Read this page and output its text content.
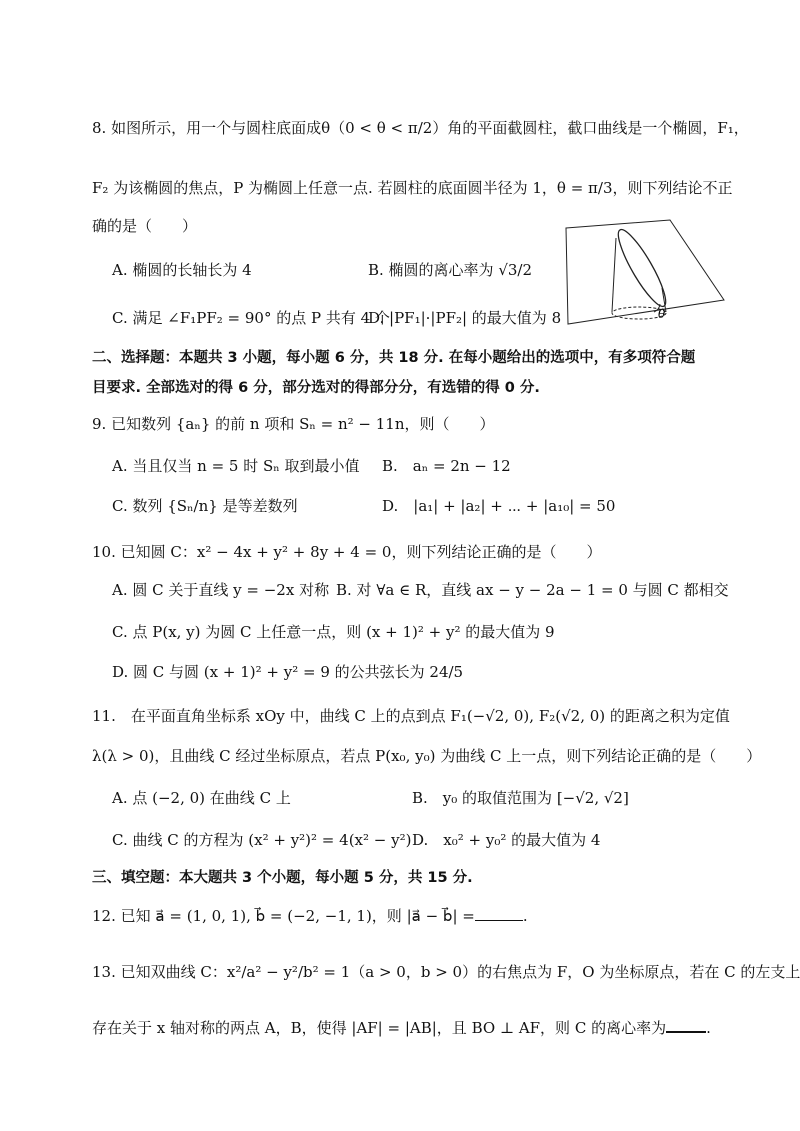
8. 如图所示，用一个与圆柱底面成θ（0 < θ < π/2）角的平面截圆柱，截口曲线是一个椭圆，F₁，
F₂ 为该椭圆的焦点，P 为椭圆上任意一点. 若圆柱的底面圆半径为 1，θ = π/3，则下列结论不正
确的是（　　）
A. 椭圆的长轴长为 4	B. 椭圆的离心率为 √3/2
C. 满足 ∠F₁PF₂ = 90° 的点 P 共有 4 个
D. |PF₁|·|PF₂| 的最大值为 8	θ
二、选择题：本题共 3 小题，每小题 6 分，共 18 分. 在每小题给出的选项中，有多项符合题
目要求. 全部选对的得 6 分，部分选对的得部分分，有选错的得 0 分.
9. 已知数列 {aₙ} 的前 n 项和 Sₙ = n² − 11n，则（　　）
A. 当且仅当 n = 5 时 Sₙ 取到最小值 B.　aₙ = 2n − 12
C. 数列 {Sₙ/n} 是等差数列	D.　|a₁| + |a₂| + ⋯ + |a₁₀| = 50
10. 已知圆 C：x² − 4x + y² + 8y + 4 = 0，则下列结论正确的是（　　）
A. 圆 C 关于直线 y = −2x 对称 B. 对 ∀a ∈ R，直线 ax − y − 2a − 1 = 0 与圆 C 都相交
C. 点 P(x, y) 为圆 C 上任意一点，则 (x + 1)² + y² 的最大值为 9
D. 圆 C 与圆 (x + 1)² + y² = 9 的公共弦长为 24/5
11.　在平面直角坐标系 xOy 中，曲线 C 上的点到点 F₁(−√2, 0), F₂(√2, 0) 的距离之积为定值
λ(λ > 0)，且曲线 C 经过坐标原点，若点 P(x₀, y₀) 为曲线 C 上一点，则下列结论正确的是（　　）
A. 点 (−2, 0) 在曲线 C 上	B.　y₀ 的取值范围为 [−√2, √2]
C. 曲线 C 的方程为 (x² + y²)² = 4(x² − y²) D.　x₀² + y₀² 的最大值为 4
三、填空题：本大题共 3 个小题，每小题 5 分，共 15 分.
12. 已知 a⃗ = (1, 0, 1), b⃗ = (−2, −1, 1)，则 |a⃗ − b⃗| =	.
13. 已知双曲线 C：x²/a² − y²/b² = 1（a > 0，b > 0）的右焦点为 F，O 为坐标原点，若在 C 的左支上
存在关于 x 轴对称的两点 A，B，使得 |AF| = |AB|，且 BO ⊥ AF，则 C 的离心率为	.
